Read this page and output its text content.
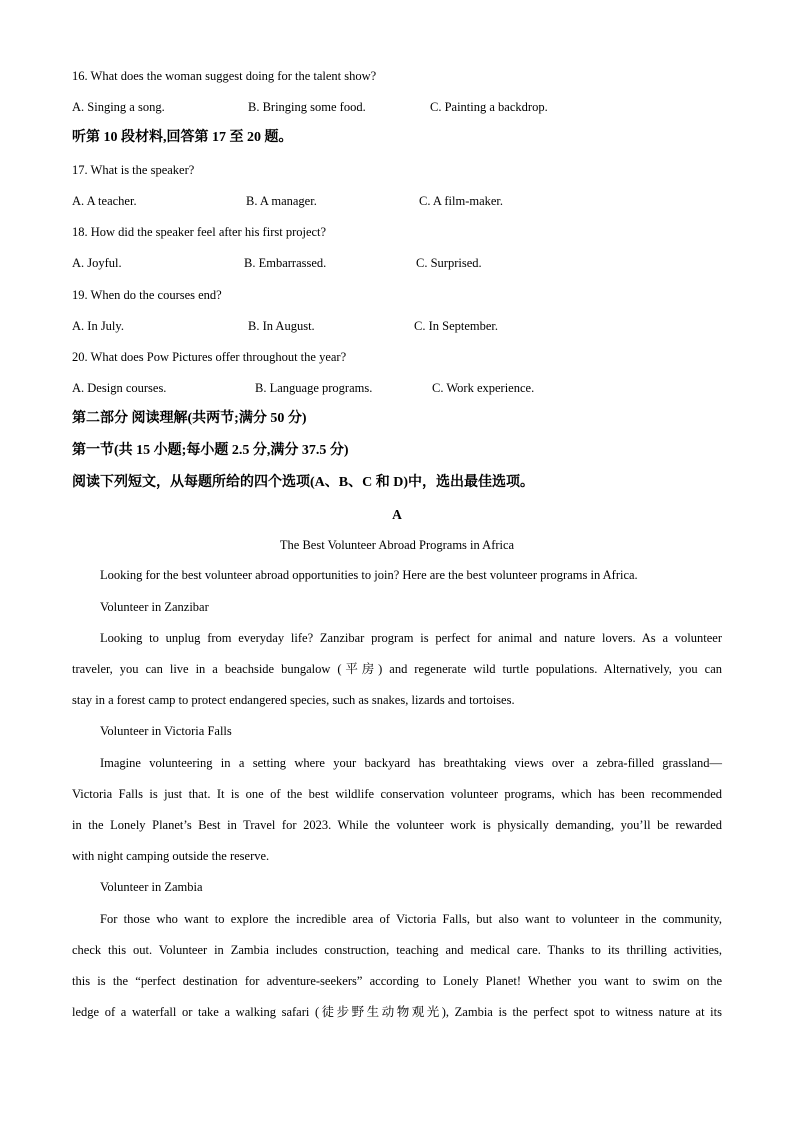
16. What does the woman suggest doing for the talent show?
A. Singing a song.	B. Bringing some food.	C. Painting a backdrop.
听第 10 段材料,回答第 17 至 20 题。
17. What is the speaker?
A. A teacher.	B. A manager.	C. A film-maker.
18. How did the speaker feel after his first project?
A. Joyful.	B. Embarrassed.	C. Surprised.
19. When do the courses end?
A. In July.	B. In August.	C. In September.
20. What does Pow Pictures offer throughout the year?
A. Design courses.	B. Language programs.	C. Work experience.
第二部分 阅读理解(共两节;满分 50 分)
第一节(共 15 小题;每小题 2.5 分,满分 37.5 分)
阅读下列短文，从每题所给的四个选项(A、B、C 和 D)中，选出最佳选项。
A
The Best Volunteer Abroad Programs in Africa
Looking for the best volunteer abroad opportunities to join? Here are the best volunteer programs in Africa.
Volunteer in Zanzibar
Looking to unplug from everyday life? Zanzibar program is perfect for animal and nature lovers. As a volunteer
traveler, you can live in a beachside bungalow (平房) and regenerate wild turtle populations. Alternatively, you can
stay in a forest camp to protect endangered species, such as snakes, lizards and tortoises.
Volunteer in Victoria Falls
Imagine volunteering in a setting where your backyard has breathtaking views over a zebra-filled grassland—
Victoria Falls is just that. It is one of the best wildlife conservation volunteer programs, which has been recommended
in the Lonely Planet’s Best in Travel for 2023. While the volunteer work is physically demanding, you’ll be rewarded
with night camping outside the reserve.
Volunteer in Zambia
For those who want to explore the incredible area of Victoria Falls, but also want to volunteer in the community,
check this out. Volunteer in Zambia includes construction, teaching and medical care. Thanks to its thrilling activities,
this is the “perfect destination for adventure-seekers” according to Lonely Planet! Whether you want to swim on the
ledge of a waterfall or take a walking safari (徒步野生动物观光), Zambia is the perfect spot to witness nature at its
